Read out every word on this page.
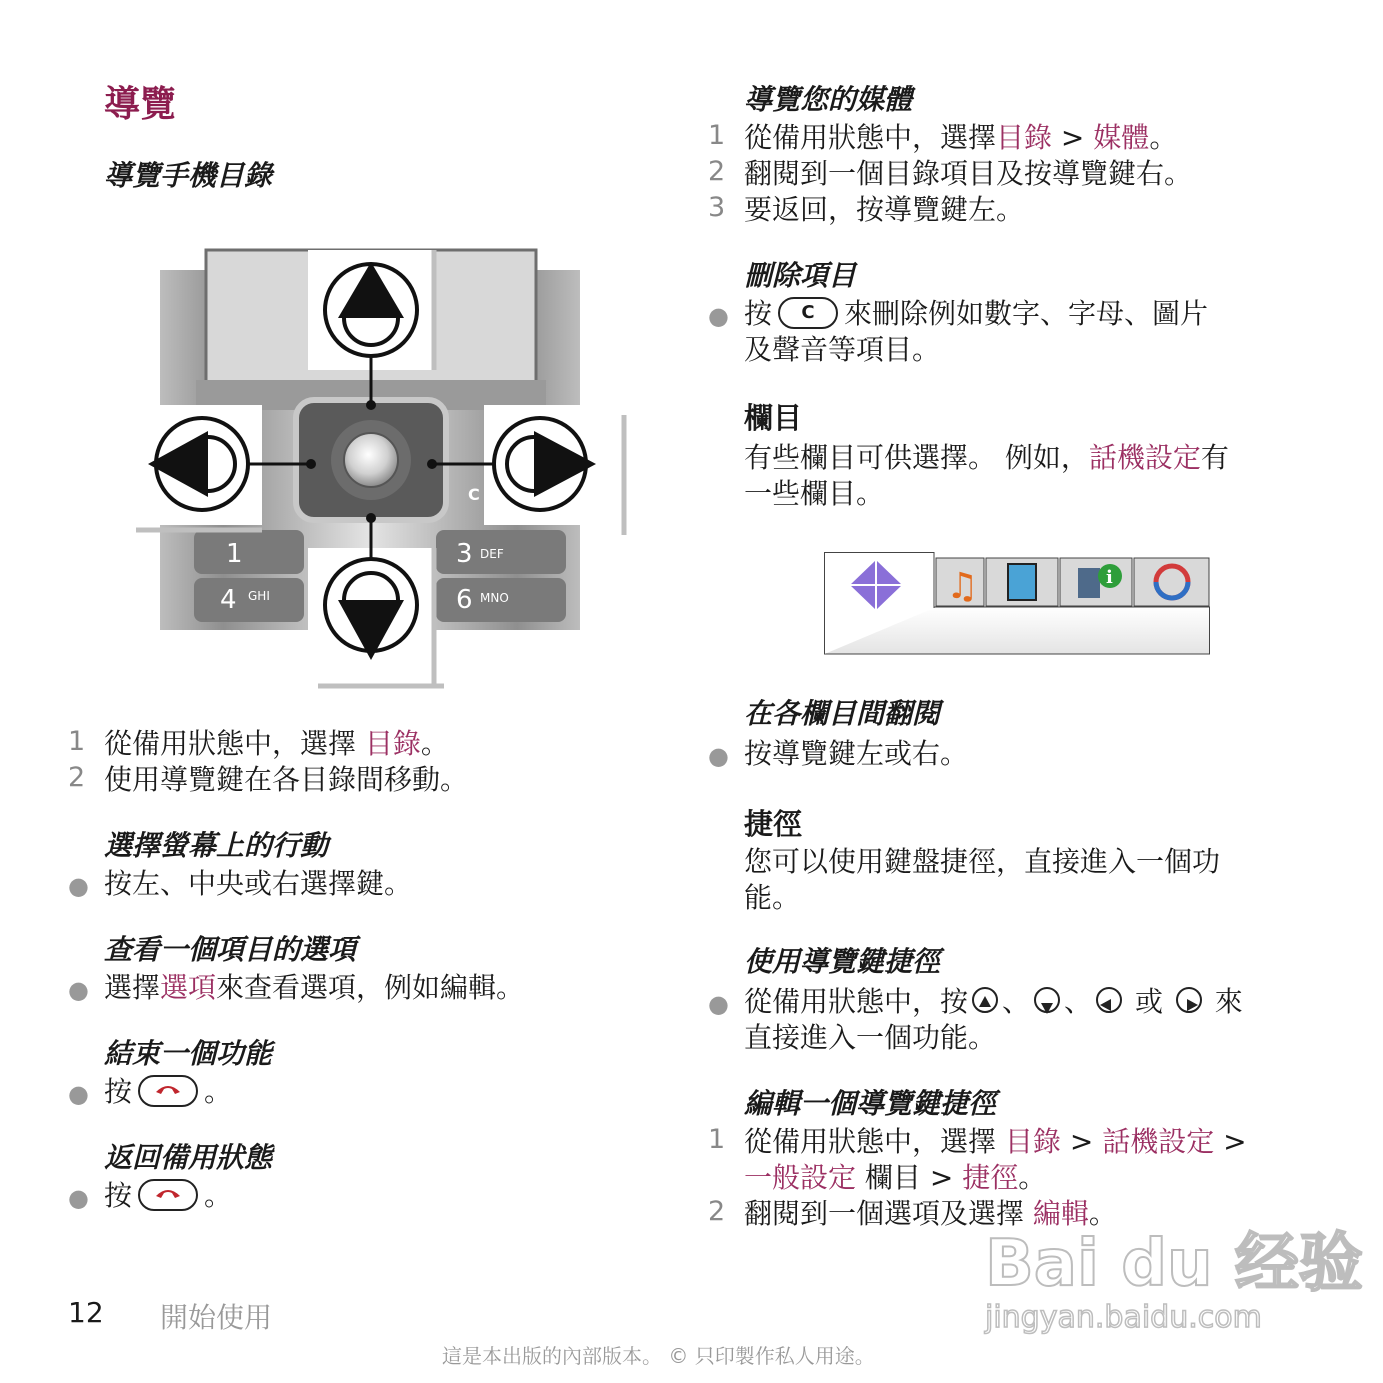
導覽
導覽手機目錄
1
4 GHI
3 DEF
6 MNO
C
1 從備用狀態中，選擇 目錄。
2 使用導覽鍵在各目錄間移動。
選擇螢幕上的行動
● 按左、中央或右選擇鍵。
查看一個項目的選項
● 選擇選項來查看選項，例如編輯。
結束一個功能
● 按	。
返回備用狀態
● 按	。
導覽您的媒體
1 從備用狀態中，選擇目錄 > 媒體。
2 翻閱到一個目錄項目及按導覽鍵右。
3 要返回，按導覽鍵左。
刪除項目
● 按 C 來刪除例如數字、字母、圖片
及聲音等項目。
欄目
有些欄目可供選擇。 例如，話機設定有
一些欄目。
♫	i
在各欄目間翻閱
● 按導覽鍵左或右。
捷徑
您可以使用鍵盤捷徑，直接進入一個功
能。
使用導覽鍵捷徑
● 從備用狀態中，按 、 、 或 來
直接進入一個功能。
編輯一個導覽鍵捷徑
1 從備用狀態中，選擇 目錄 > 話機設定 >
一般設定 欄目 > 捷徑。
2 翻閱到一個選項及選擇 編輯。
Bai du 经验
jingyan.baidu.com
12 開始使用
這是本出版的內部版本。 © 只印製作私人用途。
